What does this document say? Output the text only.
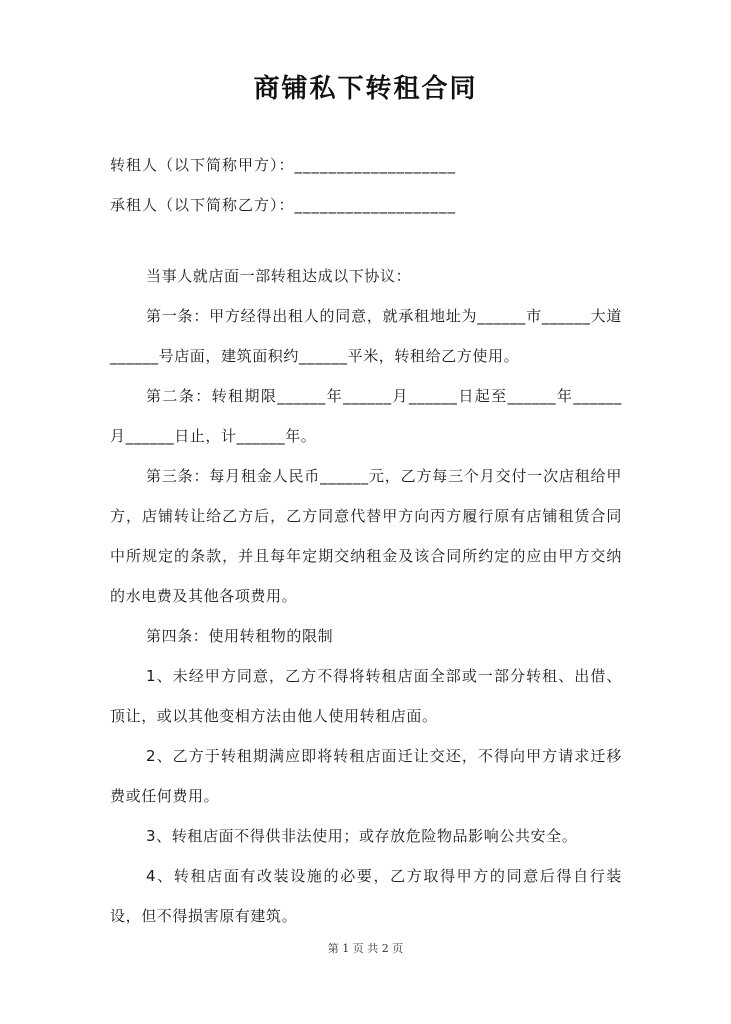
商铺私下转租合同
转租人（以下简称甲方）：___________________
承租人（以下简称乙方）：___________________

当事人就店面一部转租达成以下协议：

第一条：甲方经得出租人的同意，就承租地址为______市______大道______号店面，建筑面积约______平米，转租给乙方使用。

第二条：转租期限______年______月______日起至______年______月______日止，计______年。

第三条：每月租金人民币______元，乙方每三个月交付一次店租给甲方，店铺转让给乙方后，乙方同意代替甲方向丙方履行原有店铺租赁合同中所规定的条款，并且每年定期交纳租金及该合同所约定的应由甲方交纳的水电费及其他各项费用。

第四条：使用转租物的限制

1、未经甲方同意，乙方不得将转租店面全部或一部分转租、出借、顶让，或以其他变相方法由他人使用转租店面。

2、乙方于转租期满应即将转租店面迁让交还，不得向甲方请求迁移费或任何费用。

3、转租店面不得供非法使用；或存放危险物品影响公共安全。

4、转租店面有改装设施的必要，乙方取得甲方的同意后得自行装设，但不得损害原有建筑。

第 1 页 共 2 页
